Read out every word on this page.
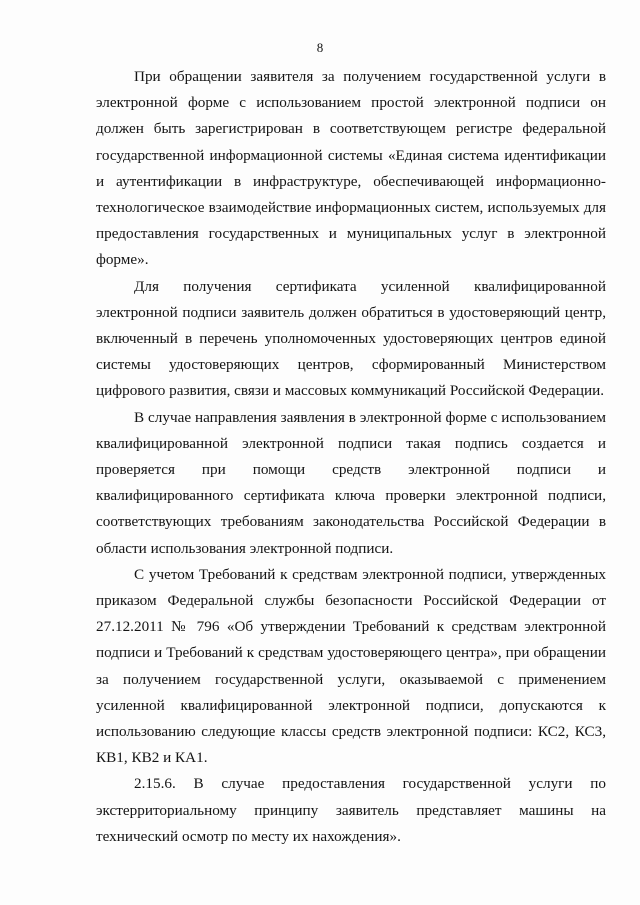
8

При обращении заявителя за получением государственной услуги в электронной форме с использованием простой электронной подписи он должен быть зарегистрирован в соответствующем регистре федеральной государственной информационной системы «Единая система идентификации и аутентификации в инфраструктуре, обеспечивающей информационно-технологическое взаимодействие информационных систем, используемых для предоставления государственных и муниципальных услуг в электронной форме».

Для получения сертификата усиленной квалифицированной электронной подписи заявитель должен обратиться в удостоверяющий центр, включенный в перечень уполномоченных удостоверяющих центров единой системы удостоверяющих центров, сформированный Министерством цифрового развития, связи и массовых коммуникаций Российской Федерации.

В случае направления заявления в электронной форме с использованием квалифицированной электронной подписи такая подпись создается и проверяется при помощи средств электронной подписи и квалифицированного сертификата ключа проверки электронной подписи, соответствующих требованиям законодательства Российской Федерации в области использования электронной подписи.

С учетом Требований к средствам электронной подписи, утвержденных приказом Федеральной службы безопасности Российской Федерации от 27.12.2011 № 796 «Об утверждении Требований к средствам электронной подписи и Требований к средствам удостоверяющего центра», при обращении за получением государственной услуги, оказываемой с применением усиленной квалифицированной электронной подписи, допускаются к использованию следующие классы средств электронной подписи: КС2, КС3, КВ1, КВ2 и КА1.

2.15.6. В случае предоставления государственной услуги по экстерриториальному принципу заявитель представляет машины на технический осмотр по месту их нахождения».
